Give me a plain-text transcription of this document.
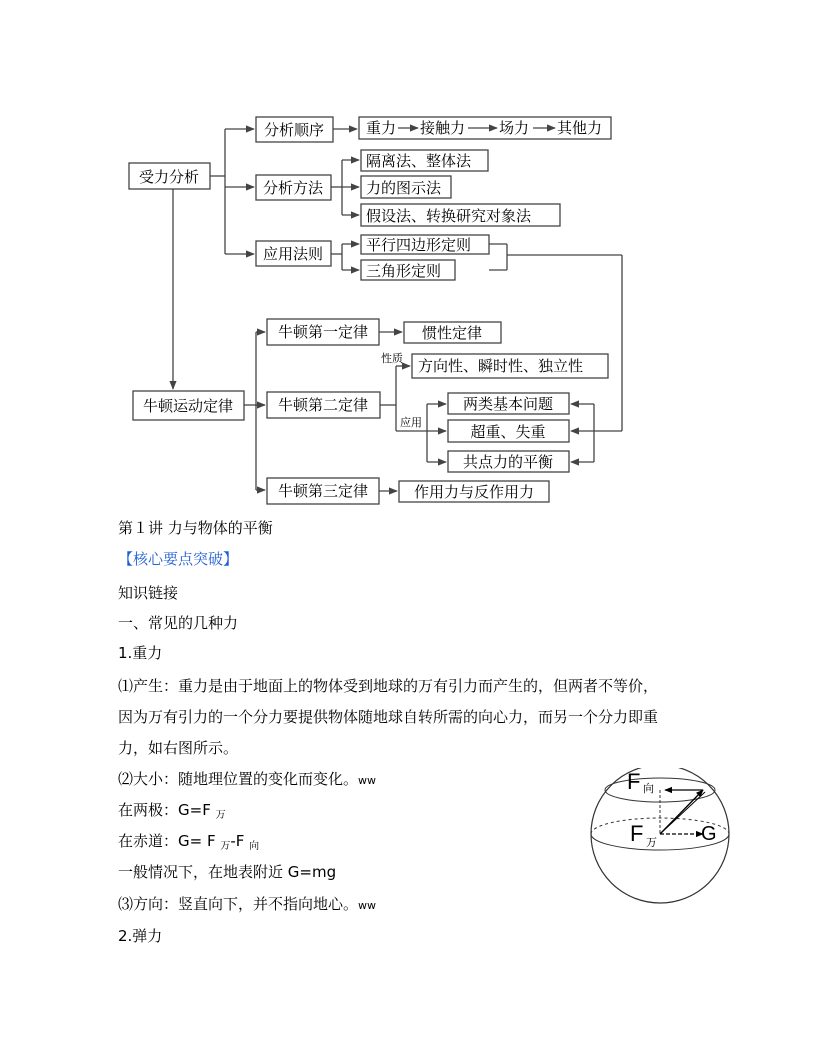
受力分析
分析顺序	重力 接触力 场力 其他力
分析方法
隔离法、整体法
力的图示法
假设法、转换研究对象法
应用法则	平行四边形定则
三角形定则
牛顿运动定律
牛顿第一定律	惯性定律
牛顿第二定律
性质 方向性、瞬时性、独立性
应用
两类基本问题
超重、失重
共点力的平衡
牛顿第三定律	作用力与反作用力
第１讲 力与物体的平衡
【核心要点突破】
知识链接
一、常见的几种力
1.重力
⑴产生：重力是由于地面上的物体受到地球的万有引力而产生的，但两者不等价，
因为万有引力的一个分力要提供物体随地球自转所需的向心力，而另一个分力即重
力，如右图所示。
⑵大小：随地理位置的变化而变化。ww
在两极：G=F $_万$
在赤道：G= F $_万$-F $_向$
一般情况下，在地表附近 G=mg
⑶方向：竖直向下，并不指向地心。ww
2.弹力
F 向
F 万 G
